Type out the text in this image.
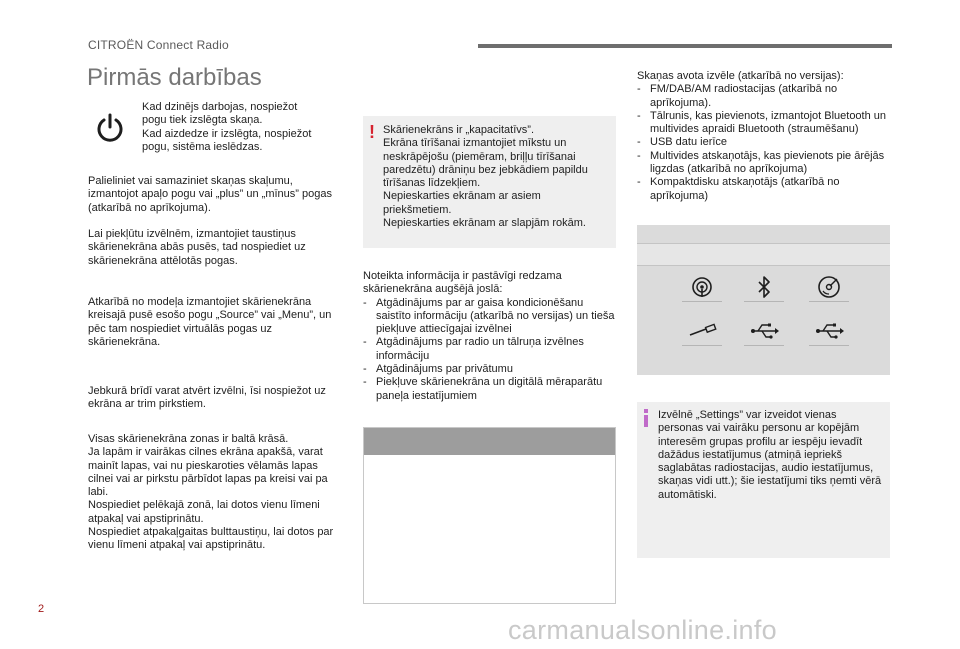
CITROËN Connect Radio
Pirmās darbības
Kad dzinējs darbojas, nospiežot pogu tiek izslēgta skaņa.
Kad aizdedze ir izslēgta, nospiežot pogu, sistēma ieslēdzas.
Palieliniet vai samaziniet skaņas skaļumu, izmantojot apaļo pogu vai „plus” un „mīnus” pogas (atkarībā no aprīkojuma).
Lai piekļūtu izvēlnēm, izmantojiet taustiņus skārienekrāna abās pusēs, tad nospiediet uz skārienekrāna attēlotās pogas.
Atkarībā no modeļa izmantojiet skārienekrāna kreisajā pusē esošo pogu „Source” vai „Menu”, un pēc tam nospiediet virtuālās pogas uz skārienekrāna.
Jebkurā brīdī varat atvērt izvēlni, īsi nospiežot uz ekrāna ar trim pirkstiem.
Visas skārienekrāna zonas ir baltā krāsā.
Ja lapām ir vairākas cilnes ekrāna apakšā, varat mainīt lapas, vai nu pieskaroties vēlamās lapas cilnei vai ar pirkstu pārbīdot lapas pa kreisi vai pa labi.
Nospiediet pelēkajā zonā, lai dotos vienu līmeni atpakaļ vai apstiprinātu.
Nospiediet atpakaļgaitas bulttaustiņu, lai dotos par vienu līmeni atpakaļ vai apstiprinātu.
! Skārienekrāns ir „kapacitatīvs”.
Ekrāna tīrīšanai izmantojiet mīkstu un neskrāpējošu (piemēram, briļļu tīrīšanai paredzētu) drāniņu bez jebkādiem papildu tīrīšanas līdzekļiem.
Nepieskarties ekrānam ar asiem priekšmetiem.
Nepieskarties ekrānam ar slapjām rokām.
Noteikta informācija ir pastāvīgi redzama skārienekrāna augšējā joslā:
- Atgādinājums par ar gaisa kondicionēšanu saistīto informāciju (atkarībā no versijas) un tieša piekļuve attiecīgajai izvēlnei
- Atgādinājums par radio un tālruņa izvēlnes informāciju
- Atgādinājums par privātumu
- Piekļuve skārienekrāna un digitālā mēraparātu paneļa iestatījumiem
Skaņas avota izvēle (atkarībā no versijas):
- FM/DAB/AM radiostacijas (atkarībā no aprīkojuma).
- Tālrunis, kas pievienots, izmantojot Bluetooth un multivides apraidi Bluetooth (straumēšanu)
- USB datu ierīce
- Multivides atskaņotājs, kas pievienots pie ārējās ligzdas (atkarībā no aprīkojuma)
- Kompaktdisku atskaņotājs (atkarībā no aprīkojuma)
Izvēlnē „Settings” var izveidot vienas personas vai vairāku personu ar kopējām interesēm grupas profilu ar iespēju ievadīt dažādus iestatījumus (atmiņā iepriekš saglabātas radiostacijas, audio iestatījumus, skaņas vidi utt.); šie iestatījumi tiks ņemti vērā automātiski.
2
carmanualsonline.info
